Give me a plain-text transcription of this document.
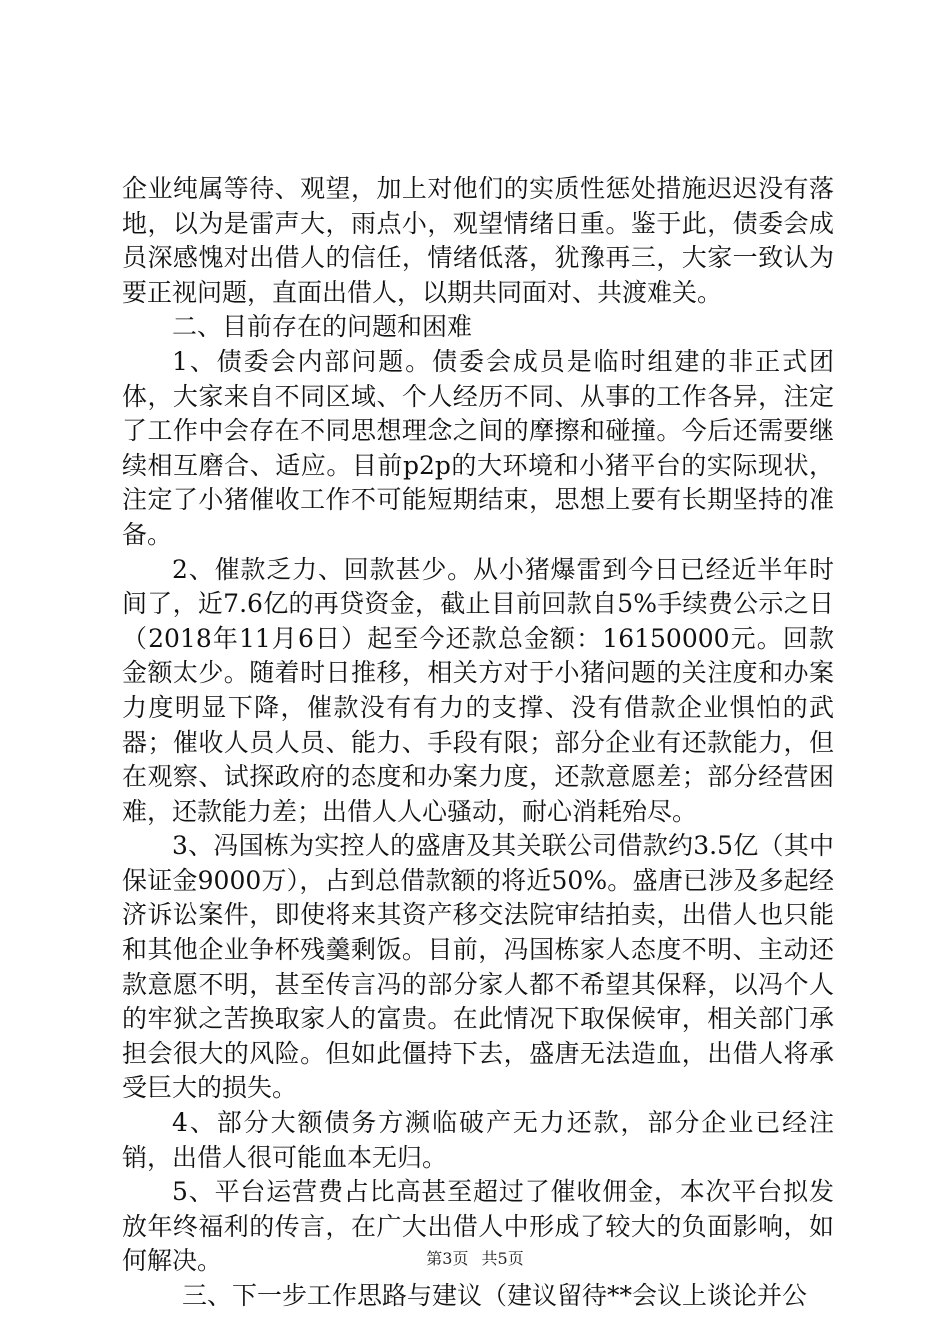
企业纯属等待、观望，加上对他们的实质性惩处措施迟迟没有落地，以为是雷声大，雨点小，观望情绪日重。鉴于此，债委会成员深感愧对出借人的信任，情绪低落，犹豫再三，大家一致认为要正视问题，直面出借人，以期共同面对、共渡难关。

二、目前存在的问题和困难

1、债委会内部问题。债委会成员是临时组建的非正式团体，大家来自不同区域、个人经历不同、从事的工作各异，注定了工作中会存在不同思想理念之间的摩擦和碰撞。今后还需要继续相互磨合、适应。目前p2p的大环境和小猪平台的实际现状，注定了小猪催收工作不可能短期结束，思想上要有长期坚持的准备。

2、催款乏力、回款甚少。从小猪爆雷到今日已经近半年时间了，近7.6亿的再贷资金，截止目前回款自5%手续费公示之日（2018年11月6日）起至今还款总金额：16150000元。回款金额太少。随着时日推移，相关方对于小猪问题的关注度和办案力度明显下降，催款没有有力的支撑、没有借款企业惧怕的武器；催收人员人员、能力、手段有限；部分企业有还款能力，但在观察、试探政府的态度和办案力度，还款意愿差；部分经营困难，还款能力差；出借人人心骚动，耐心消耗殆尽。

3、冯国栋为实控人的盛唐及其关联公司借款约3.5亿（其中保证金9000万），占到总借款额的将近50%。盛唐已涉及多起经济诉讼案件，即使将来其资产移交法院审结拍卖，出借人也只能和其他企业争杯残羹剩饭。目前，冯国栋家人态度不明、主动还款意愿不明，甚至传言冯的部分家人都不希望其保释，以冯个人的牢狱之苦换取家人的富贵。在此情况下取保候审，相关部门承担会很大的风险。但如此僵持下去，盛唐无法造血，出借人将承受巨大的损失。

4、部分大额债务方濒临破产无力还款，部分企业已经注销，出借人很可能血本无归。

5、平台运营费占比高甚至超过了催收佣金，本次平台拟发放年终福利的传言，在广大出借人中形成了较大的负面影响，如何解决。

三、下一步工作思路与建议（建议留待**会议上谈论并公

第3页 共5页
